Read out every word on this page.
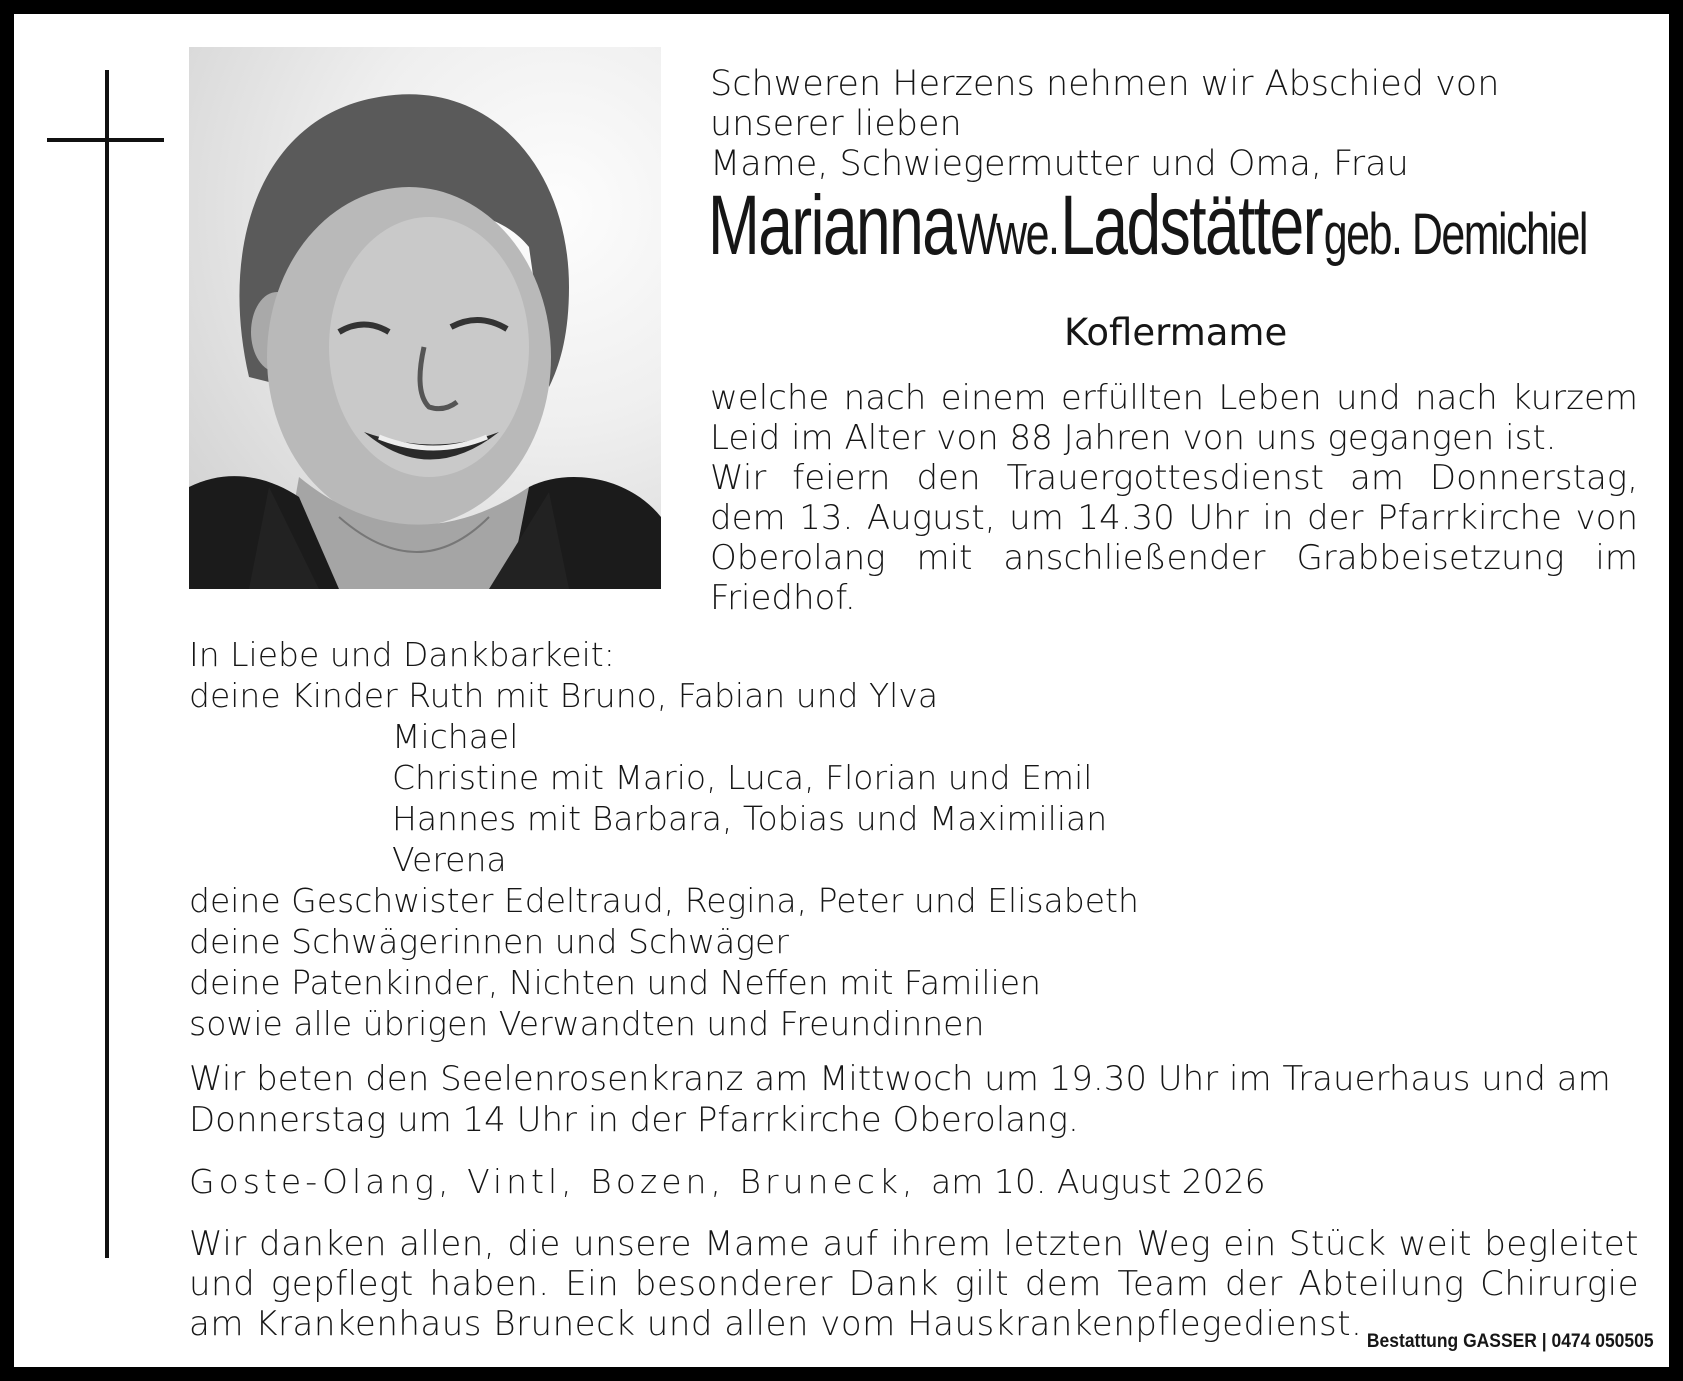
Schweren Herzens nehmen wir Abschied von unserer lieben
Mame, Schwiegermutter und Oma, Frau
Marianna Wwe. Ladstätter geb. Demichiel
Koflermame
welche nach einem erfüllten Leben und nach kurzem Leid im Alter von 88 Jahren von uns gegangen ist.
Wir feiern den Trauergottesdienst am Donnerstag, dem 13. August, um 14.30 Uhr in der Pfarrkirche von Oberolang mit anschließender Grabbeisetzung im Friedhof.
In Liebe und Dankbarkeit:
deine Kinder Ruth mit Bruno, Fabian und Ylva
Michael
Christine mit Mario, Luca, Florian und Emil
Hannes mit Barbara, Tobias und Maximilian
Verena
deine Geschwister Edeltraud, Regina, Peter und Elisabeth
deine Schwägerinnen und Schwäger
deine Patenkinder, Nichten und Neffen mit Familien
sowie alle übrigen Verwandten und Freundinnen
Wir beten den Seelenrosenkranz am Mittwoch um 19.30 Uhr im Trauerhaus und am Donnerstag um 14 Uhr in der Pfarrkirche Oberolang.
Goste-Olang, Vintl, Bozen, Bruneck, am 10. August 2026
Wir danken allen, die unsere Mame auf ihrem letzten Weg ein Stück weit begleitet und gepflegt haben. Ein besonderer Dank gilt dem Team der Abteilung Chirurgie am Krankenhaus Bruneck und allen vom Hauskrankenpflegedienst. Bestattung GASSER | 0474 050505
